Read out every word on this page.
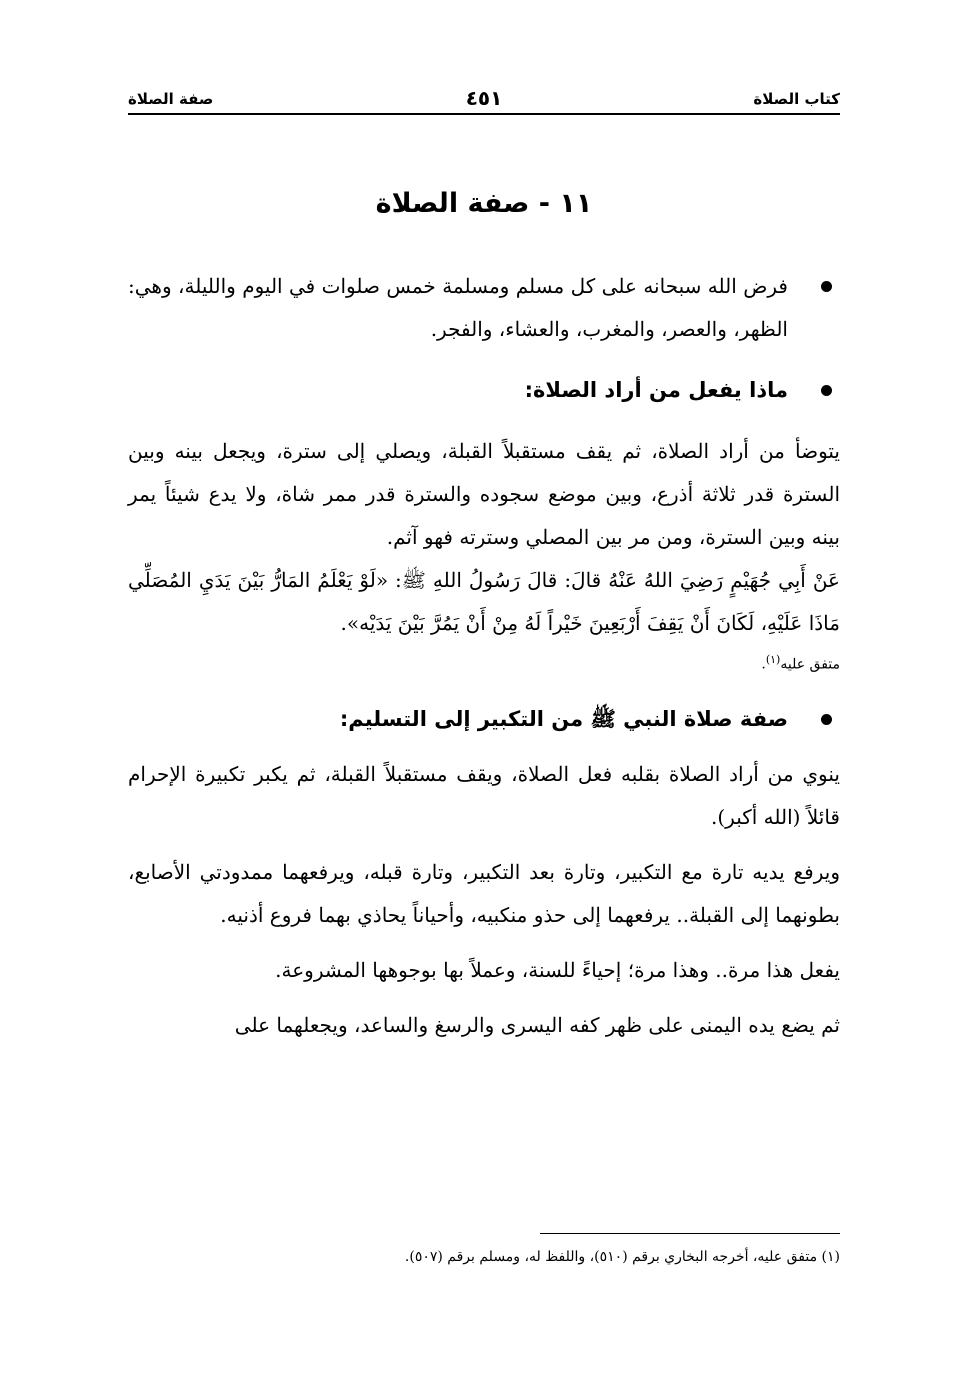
كتاب الصلاة
٤٥١
صفة الصلاة
١١ - صفة الصلاة
فرض الله سبحانه على كل مسلم ومسلمة خمس صلوات في اليوم والليلة، وهي: الظهر، والعصر، والمغرب، والعشاء، والفجر.
ماذا يفعل من أراد الصلاة:
يتوضأ من أراد الصلاة، ثم يقف مستقبلاً القبلة، ويصلي إلى سترة، ويجعل بينه وبين السترة قدر ثلاثة أذرع، وبين موضع سجوده والسترة قدر ممر شاة، ولا يدع شيئاً يمر بينه وبين السترة، ومن مر بين المصلي وسترته فهو آثم.
عَنْ أَبِي جُهَيْمٍ رَضِيَ اللهُ عَنْهُ قالَ: قالَ رَسُولُ اللهِ ﷺ: «لَوْ يَعْلَمُ المَارُّ بَيْنَ يَدَيِ المُصَلِّي مَاذَا عَلَيْهِ، لَكَانَ أَنْ يَقِفَ أَرْبَعِينَ خَيْراً لَهُ مِنْ أَنْ يَمُرَّ بَيْنَ يَدَيْه».
متفق عليه$^{(١)}$.
صفة صلاة النبي ﷺ من التكبير إلى التسليم:
ينوي من أراد الصلاة بقلبه فعل الصلاة، ويقف مستقبلاً القبلة، ثم يكبر تكبيرة الإحرام قائلاً (الله أكبر).
ويرفع يديه تارة مع التكبير، وتارة بعد التكبير، وتارة قبله، ويرفعهما ممدودتي الأصابع، بطونهما إلى القبلة.. يرفعهما إلى حذو منكبيه، وأحياناً يحاذي بهما فروع أذنيه.
يفعل هذا مرة.. وهذا مرة؛ إحياءً للسنة، وعملاً بها بوجوهها المشروعة.
ثم يضع يده اليمنى على ظهر كفه اليسرى والرسغ والساعد، ويجعلهما على
(١) متفق عليه، أخرجه البخاري برقم (٥١٠)، واللفظ له، ومسلم برقم (٥٠٧).
